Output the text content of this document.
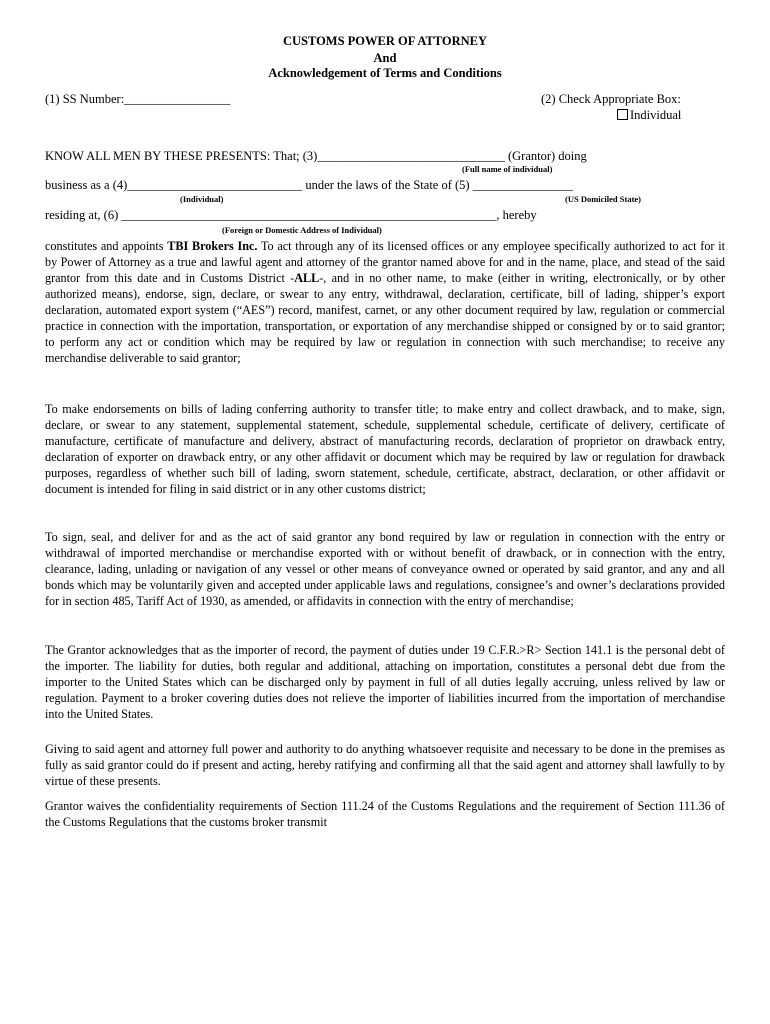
CUSTOMS POWER OF ATTORNEY
And
Acknowledgement of Terms and Conditions
(1) SS Number:_________________	(2) Check Appropriate Box:
Individual
KNOW ALL MEN BY THESE PRESENTS: That; (3)______________________________ (Grantor) doing
(Full name of individual)
business as a (4)____________________________ under the laws of the State of (5) ________________
(Individual)	(US Domiciled State)
residing at, (6) ____________________________________________________________, hereby
(Foreign or Domestic Address of Individual)
constitutes and appoints TBI Brokers Inc. To act through any of its licensed offices or any employee specifically authorized to act for it by Power of Attorney as a true and lawful agent and attorney of the grantor named above for and in the name, place, and stead of the said grantor from this date and in Customs District -ALL-, and in no other name, to make (either in writing, electronically, or by other authorized means), endorse, sign, declare, or swear to any entry, withdrawal, declaration, certificate, bill of lading, shipper’s export declaration, automated export system (“AES”) record, manifest, carnet, or any other document required by law, regulation or commercial practice in connection with the importation, transportation, or exportation of any merchandise shipped or consigned by or to said grantor; to perform any act or condition which may be required by law or regulation in connection with such merchandise; to receive any merchandise deliverable to said grantor;
To make endorsements on bills of lading conferring authority to transfer title; to make entry and collect drawback, and to make, sign, declare, or swear to any statement, supplemental statement, schedule, supplemental schedule, certificate of delivery, certificate of manufacture, certificate of manufacture and delivery, abstract of manufacturing records, declaration of proprietor on drawback entry, declaration of exporter on drawback entry, or any other affidavit or document which may be required by law or regulation for drawback purposes, regardless of whether such bill of lading, sworn statement, schedule, certificate, abstract, declaration, or other affidavit or document is intended for filing in said district or in any other customs district;
To sign, seal, and deliver for and as the act of said grantor any bond required by law or regulation in connection with the entry or withdrawal of imported merchandise or merchandise exported with or without benefit of drawback, or in connection with the entry, clearance, lading, unlading or navigation of any vessel or other means of conveyance owned or operated by said grantor, and any and all bonds which may be voluntarily given and accepted under applicable laws and regulations, consignee’s and owner’s declarations provided for in section 485, Tariff Act of 1930, as amended, or affidavits in connection with the entry of merchandise;
The Grantor acknowledges that as the importer of record, the payment of duties under 19 C.F.R.>R> Section 141.1 is the personal debt of the importer. The liability for duties, both regular and additional, attaching on importation, constitutes a personal debt due from the importer to the United States which can be discharged only by payment in full of all duties legally accruing, unless relived by law or regulation. Payment to a broker covering duties does not relieve the importer of liabilities incurred from the importation of merchandise into the United States.
Giving to said agent and attorney full power and authority to do anything whatsoever requisite and necessary to be done in the premises as fully as said grantor could do if present and acting, hereby ratifying and confirming all that the said agent and attorney shall lawfully to by virtue of these presents.
Grantor waives the confidentiality requirements of Section 111.24 of the Customs Regulations and the requirement of Section 111.36 of the Customs Regulations that the customs broker transmit
